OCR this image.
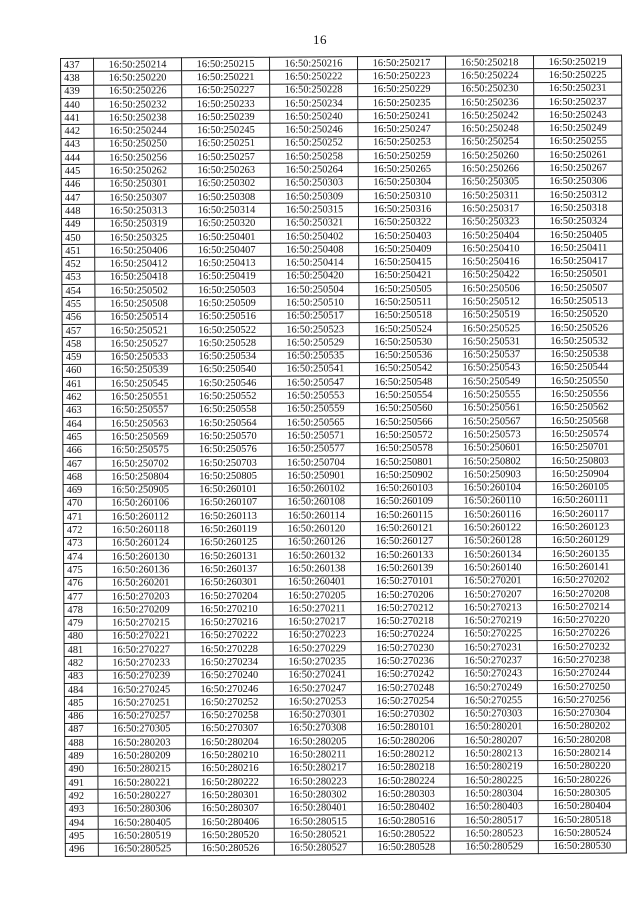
16
437	16:50:250214	16:50:250215	16:50:250216	16:50:250217	16:50:250218	16:50:250219
438	16:50:250220	16:50:250221	16:50:250222	16:50:250223	16:50:250224	16:50:250225
439	16:50:250226	16:50:250227	16:50:250228	16:50:250229	16:50:250230	16:50:250231
440	16:50:250232	16:50:250233	16:50:250234	16:50:250235	16:50:250236	16:50:250237
441	16:50:250238	16:50:250239	16:50:250240	16:50:250241	16:50:250242	16:50:250243
442	16:50:250244	16:50:250245	16:50:250246	16:50:250247	16:50:250248	16:50:250249
443	16:50:250250	16:50:250251	16:50:250252	16:50:250253	16:50:250254	16:50:250255
444	16:50:250256	16:50:250257	16:50:250258	16:50:250259	16:50:250260	16:50:250261
445	16:50:250262	16:50:250263	16:50:250264	16:50:250265	16:50:250266	16:50:250267
446	16:50:250301	16:50:250302	16:50:250303	16:50:250304	16:50:250305	16:50:250306
447	16:50:250307	16:50:250308	16:50:250309	16:50:250310	16:50:250311	16:50:250312
448	16:50:250313	16:50:250314	16:50:250315	16:50:250316	16:50:250317	16:50:250318
449	16:50:250319	16:50:250320	16:50:250321	16:50:250322	16:50:250323	16:50:250324
450	16:50:250325	16:50:250401	16:50:250402	16:50:250403	16:50:250404	16:50:250405
451	16:50:250406	16:50:250407	16:50:250408	16:50:250409	16:50:250410	16:50:250411
452	16:50:250412	16:50:250413	16:50:250414	16:50:250415	16:50:250416	16:50:250417
453	16:50:250418	16:50:250419	16:50:250420	16:50:250421	16:50:250422	16:50:250501
454	16:50:250502	16:50:250503	16:50:250504	16:50:250505	16:50:250506	16:50:250507
455	16:50:250508	16:50:250509	16:50:250510	16:50:250511	16:50:250512	16:50:250513
456	16:50:250514	16:50:250516	16:50:250517	16:50:250518	16:50:250519	16:50:250520
457	16:50:250521	16:50:250522	16:50:250523	16:50:250524	16:50:250525	16:50:250526
458	16:50:250527	16:50:250528	16:50:250529	16:50:250530	16:50:250531	16:50:250532
459	16:50:250533	16:50:250534	16:50:250535	16:50:250536	16:50:250537	16:50:250538
460	16:50:250539	16:50:250540	16:50:250541	16:50:250542	16:50:250543	16:50:250544
461	16:50:250545	16:50:250546	16:50:250547	16:50:250548	16:50:250549	16:50:250550
462	16:50:250551	16:50:250552	16:50:250553	16:50:250554	16:50:250555	16:50:250556
463	16:50:250557	16:50:250558	16:50:250559	16:50:250560	16:50:250561	16:50:250562
464	16:50:250563	16:50:250564	16:50:250565	16:50:250566	16:50:250567	16:50:250568
465	16:50:250569	16:50:250570	16:50:250571	16:50:250572	16:50:250573	16:50:250574
466	16:50:250575	16:50:250576	16:50:250577	16:50:250578	16:50:250601	16:50:250701
467	16:50:250702	16:50:250703	16:50:250704	16:50:250801	16:50:250802	16:50:250803
468	16:50:250804	16:50:250805	16:50:250901	16:50:250902	16:50:250903	16:50:250904
469	16:50:250905	16:50:260101	16:50:260102	16:50:260103	16:50:260104	16:50:260105
470	16:50:260106	16:50:260107	16:50:260108	16:50:260109	16:50:260110	16:50:260111
471	16:50:260112	16:50:260113	16:50:260114	16:50:260115	16:50:260116	16:50:260117
472	16:50:260118	16:50:260119	16:50:260120	16:50:260121	16:50:260122	16:50:260123
473	16:50:260124	16:50:260125	16:50:260126	16:50:260127	16:50:260128	16:50:260129
474	16:50:260130	16:50:260131	16:50:260132	16:50:260133	16:50:260134	16:50:260135
475	16:50:260136	16:50:260137	16:50:260138	16:50:260139	16:50:260140	16:50:260141
476	16:50:260201	16:50:260301	16:50:260401	16:50:270101	16:50:270201	16:50:270202
477	16:50:270203	16:50:270204	16:50:270205	16:50:270206	16:50:270207	16:50:270208
478	16:50:270209	16:50:270210	16:50:270211	16:50:270212	16:50:270213	16:50:270214
479	16:50:270215	16:50:270216	16:50:270217	16:50:270218	16:50:270219	16:50:270220
480	16:50:270221	16:50:270222	16:50:270223	16:50:270224	16:50:270225	16:50:270226
481	16:50:270227	16:50:270228	16:50:270229	16:50:270230	16:50:270231	16:50:270232
482	16:50:270233	16:50:270234	16:50:270235	16:50:270236	16:50:270237	16:50:270238
483	16:50:270239	16:50:270240	16:50:270241	16:50:270242	16:50:270243	16:50:270244
484	16:50:270245	16:50:270246	16:50:270247	16:50:270248	16:50:270249	16:50:270250
485	16:50:270251	16:50:270252	16:50:270253	16:50:270254	16:50:270255	16:50:270256
486	16:50:270257	16:50:270258	16:50:270301	16:50:270302	16:50:270303	16:50:270304
487	16:50:270305	16:50:270307	16:50:270308	16:50:280101	16:50:280201	16:50:280202
488	16:50:280203	16:50:280204	16:50:280205	16:50:280206	16:50:280207	16:50:280208
489	16:50:280209	16:50:280210	16:50:280211	16:50:280212	16:50:280213	16:50:280214
490	16:50:280215	16:50:280216	16:50:280217	16:50:280218	16:50:280219	16:50:280220
491	16:50:280221	16:50:280222	16:50:280223	16:50:280224	16:50:280225	16:50:280226
492	16:50:280227	16:50:280301	16:50:280302	16:50:280303	16:50:280304	16:50:280305
493	16:50:280306	16:50:280307	16:50:280401	16:50:280402	16:50:280403	16:50:280404
494	16:50:280405	16:50:280406	16:50:280515	16:50:280516	16:50:280517	16:50:280518
495	16:50:280519	16:50:280520	16:50:280521	16:50:280522	16:50:280523	16:50:280524
496	16:50:280525	16:50:280526	16:50:280527	16:50:280528	16:50:280529	16:50:280530
